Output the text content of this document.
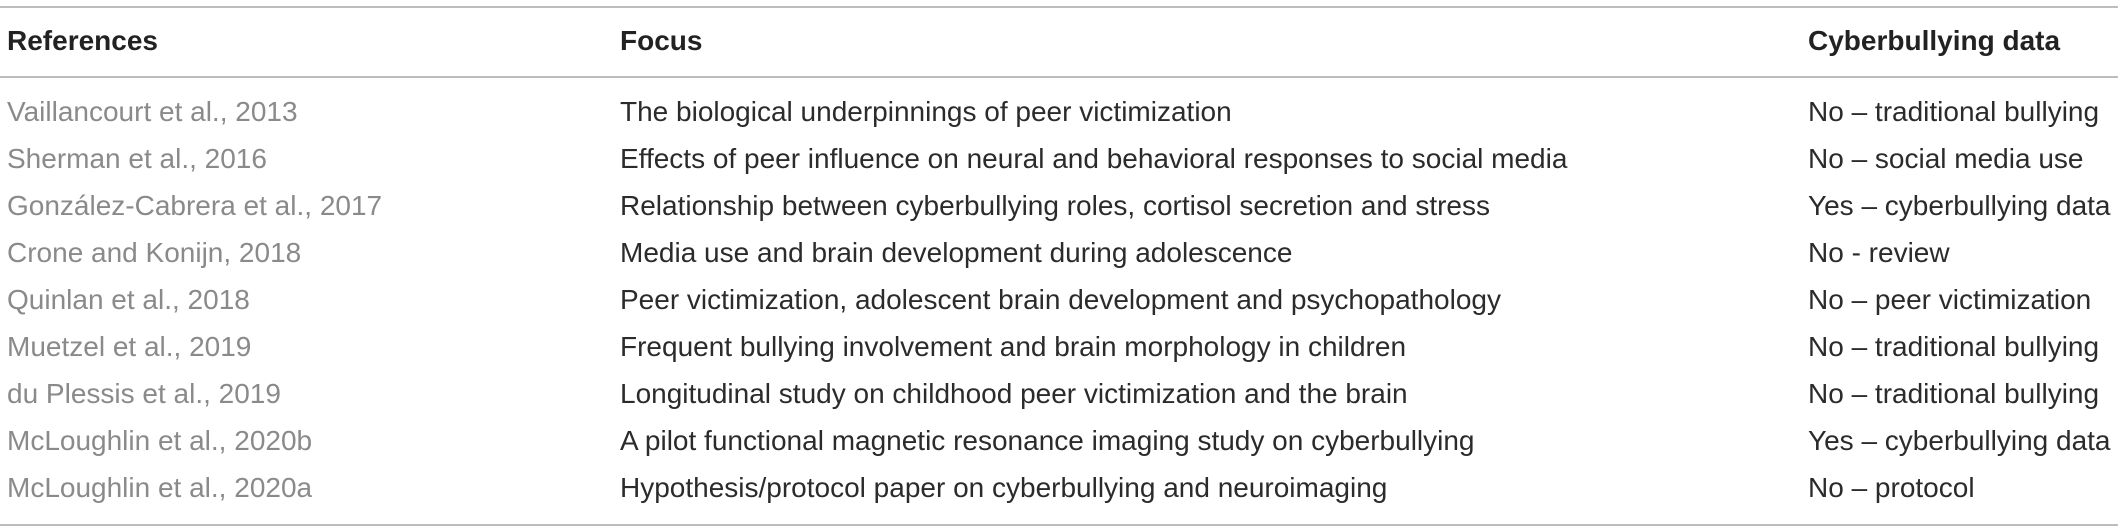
References	Focus	Cyberbullying data
Vaillancourt et al., 2013	The biological underpinnings of peer victimization	No – traditional bullying
Sherman et al., 2016	Effects of peer influence on neural and behavioral responses to social media	No – social media use
González-Cabrera et al., 2017	Relationship between cyberbullying roles, cortisol secretion and stress	Yes – cyberbullying data
Crone and Konijn, 2018	Media use and brain development during adolescence	No - review
Quinlan et al., 2018	Peer victimization, adolescent brain development and psychopathology	No – peer victimization
Muetzel et al., 2019	Frequent bullying involvement and brain morphology in children	No – traditional bullying
du Plessis et al., 2019	Longitudinal study on childhood peer victimization and the brain	No – traditional bullying
McLoughlin et al., 2020b	A pilot functional magnetic resonance imaging study on cyberbullying	Yes – cyberbullying data
McLoughlin et al., 2020a	Hypothesis/protocol paper on cyberbullying and neuroimaging	No – protocol
